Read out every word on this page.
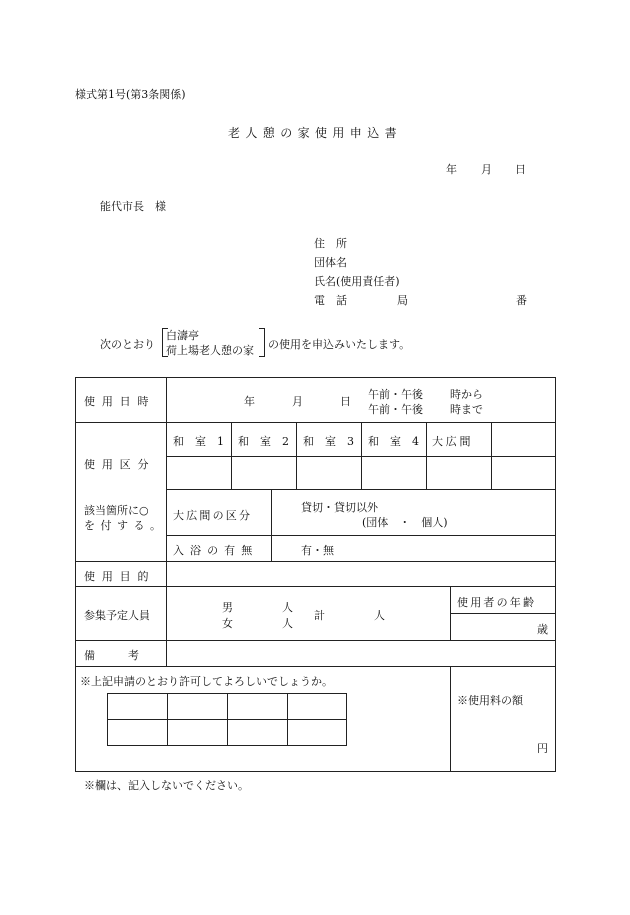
様式第1号(第3条関係)
老人憩の家使用申込書
年 月 日
能代市長　様
住　所
団体名
氏名(使用責任者)
電　話	局	番
次のとおり
白濤亭
荷上場老人憩の家 の使用を申込みいたします。
使用日時	年	月	日
午前・午後 時から
午前・午後 時まで
使用区分
和　室　1 和　室　2 和　室　3 和　室　4 大広間
該当箇所に○
を付する。
大広間の区分
貸切・貸切以外
(団体　・　個人)
入浴の有無	有・無
使用目的
参集予定人員
男	人
女	人
計	人
使用者の年齢
歳
備　　　考
※上記申請のとおり許可してよろしいでしょうか。
※使用料の額
円
※欄は、記入しないでください。
